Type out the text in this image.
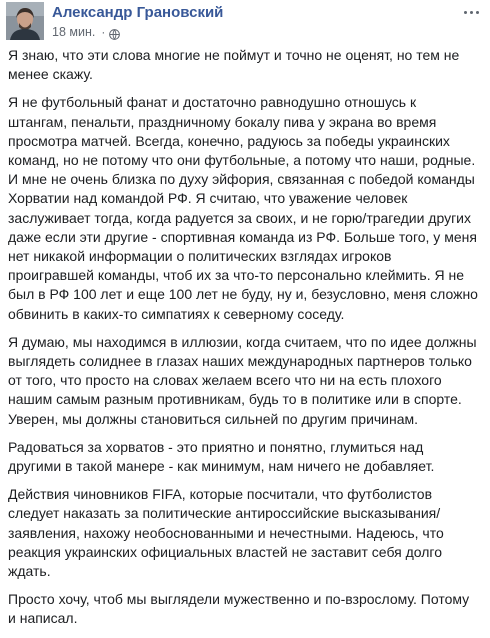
Александр Грановский
18 мин. ·

Я знаю, что эти слова многие не поймут и точно не оценят, но тем не менее скажу.

Я не футбольный фанат и достаточно равнодушно отношусь к штангам, пенальти, праздничному бокалу пива у экрана во время просмотра матчей. Всегда, конечно, радуюсь за победы украинских команд, но не потому что они футбольные, а потому что наши, родные. И мне не очень близка по духу эйфория, связанная с победой команды Хорватии над командой РФ. Я считаю, что уважение человек заслуживает тогда, когда радуется за своих, и не горю/трагедии других даже если эти другие - спортивная команда из РФ. Больше того, у меня нет никакой информации о политических взглядах игроков проигравшей команды, чтоб их за что-то персонально клеймить. Я не был в РФ 100 лет и еще 100 лет не буду, ну и, безусловно, меня сложно обвинить в каких-то симпатиях к северному соседу.

Я думаю, мы находимся в иллюзии, когда считаем, что по идее должны выглядеть солиднее в глазах наших международных партнеров только от того, что просто на словах желаем всего что ни на есть плохого нашим самым разным противникам, будь то в политике или в спорте. Уверен, мы должны становиться сильней по другим причинам.

Радоваться за хорватов - это приятно и понятно, глумиться над другими в такой манере - как минимум, нам ничего не добавляет.

Действия чиновников FIFA, которые посчитали, что футболистов следует наказать за политические антироссийские высказывания/заявления, нахожу необоснованными и нечестными. Надеюсь, что реакция украинских официальных властей не заставит себя долго ждать.

Просто хочу, чтоб мы выглядели мужественно и по-взрослому. Потому и написал.
